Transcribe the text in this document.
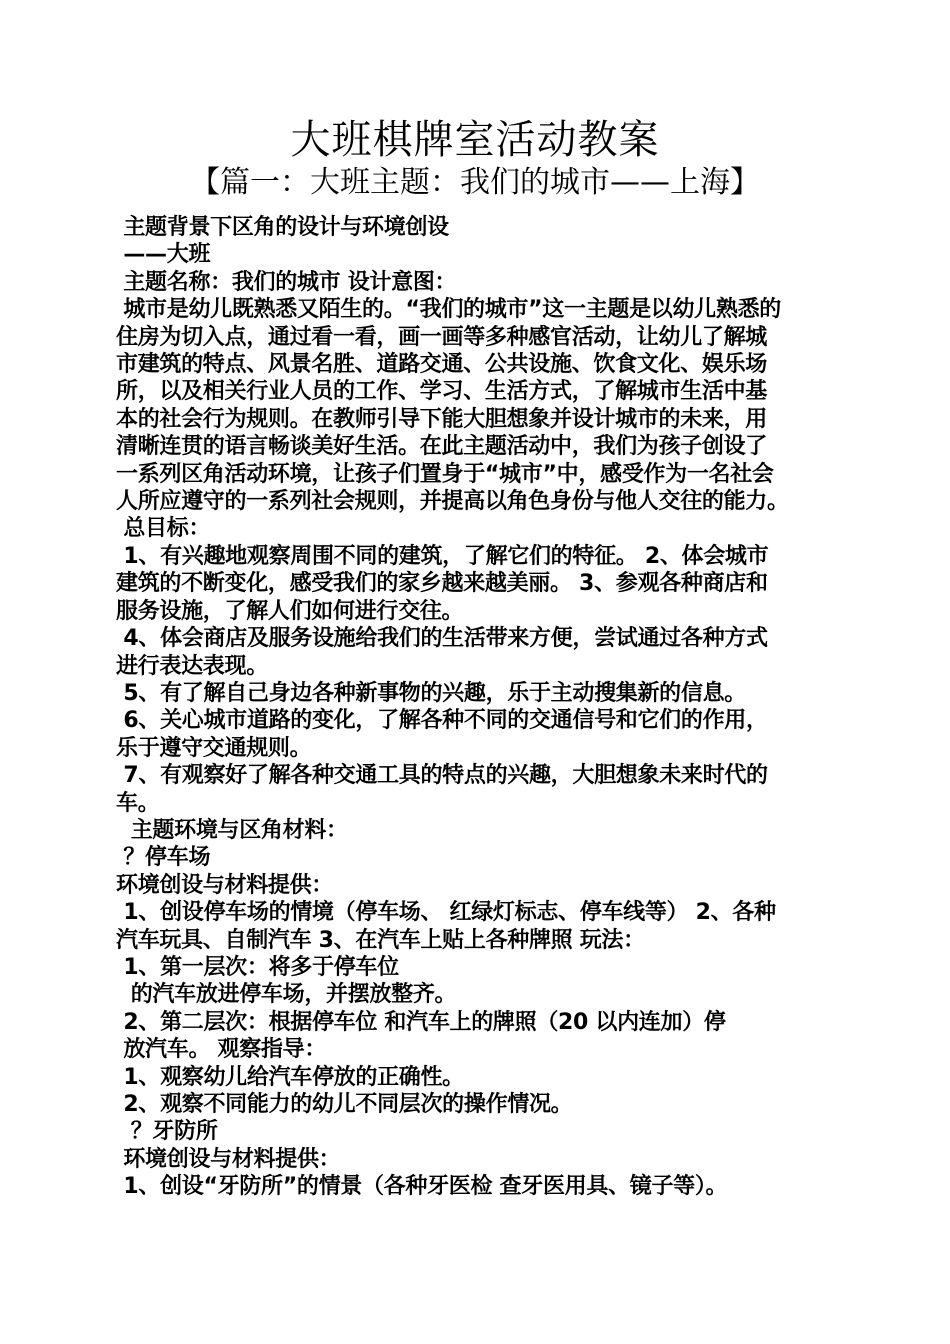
大班棋牌室活动教案
【篇一：大班主题：我们的城市——上海】
主题背景下区角的设计与环境创设
——大班
主题名称：我们的城市 设计意图：
城市是幼儿既熟悉又陌生的。“我们的城市”这一主题是以幼儿熟悉的
住房为切入点，通过看一看，画一画等多种感官活动，让幼儿了解城
市建筑的特点、风景名胜、道路交通、公共设施、饮食文化、娱乐场
所，以及相关行业人员的工作、学习、生活方式，了解城市生活中基
本的社会行为规则。在教师引导下能大胆想象并设计城市的未来，用
清晰连贯的语言畅谈美好生活。在此主题活动中，我们为孩子创设了
一系列区角活动环境，让孩子们置身于“城市”中，感受作为一名社会
人所应遵守的一系列社会规则，并提高以角色身份与他人交往的能力。
总目标：
1、有兴趣地观察周围不同的建筑，了解它们的特征。 2、体会城市
建筑的不断变化，感受我们的家乡越来越美丽。 3、参观各种商店和
服务设施，了解人们如何进行交往。
4、体会商店及服务设施给我们的生活带来方便，尝试通过各种方式
进行表达表现。
5、有了解自己身边各种新事物的兴趣，乐于主动搜集新的信息。
6、关心城市道路的变化，了解各种不同的交通信号和它们的作用，
乐于遵守交通规则。
7、有观察好了解各种交通工具的特点的兴趣，大胆想象未来时代的
车。
主题环境与区角材料：
？停车场
环境创设与材料提供：
1、创设停车场的情境（停车场、 红绿灯标志、停车线等） 2、各种
汽车玩具、自制汽车 3、在汽车上贴上各种牌照 玩法：
1、第一层次：将多于停车位
的汽车放进停车场，并摆放整齐。
2、第二层次：根据停车位 和汽车上的牌照（20 以内连加）停
放汽车。 观察指导：
1、观察幼儿给汽车停放的正确性。
2、观察不同能力的幼儿不同层次的操作情况。
？牙防所
环境创设与材料提供：
1、创设“牙防所”的情景（各种牙医检 查牙医用具、镜子等）。
